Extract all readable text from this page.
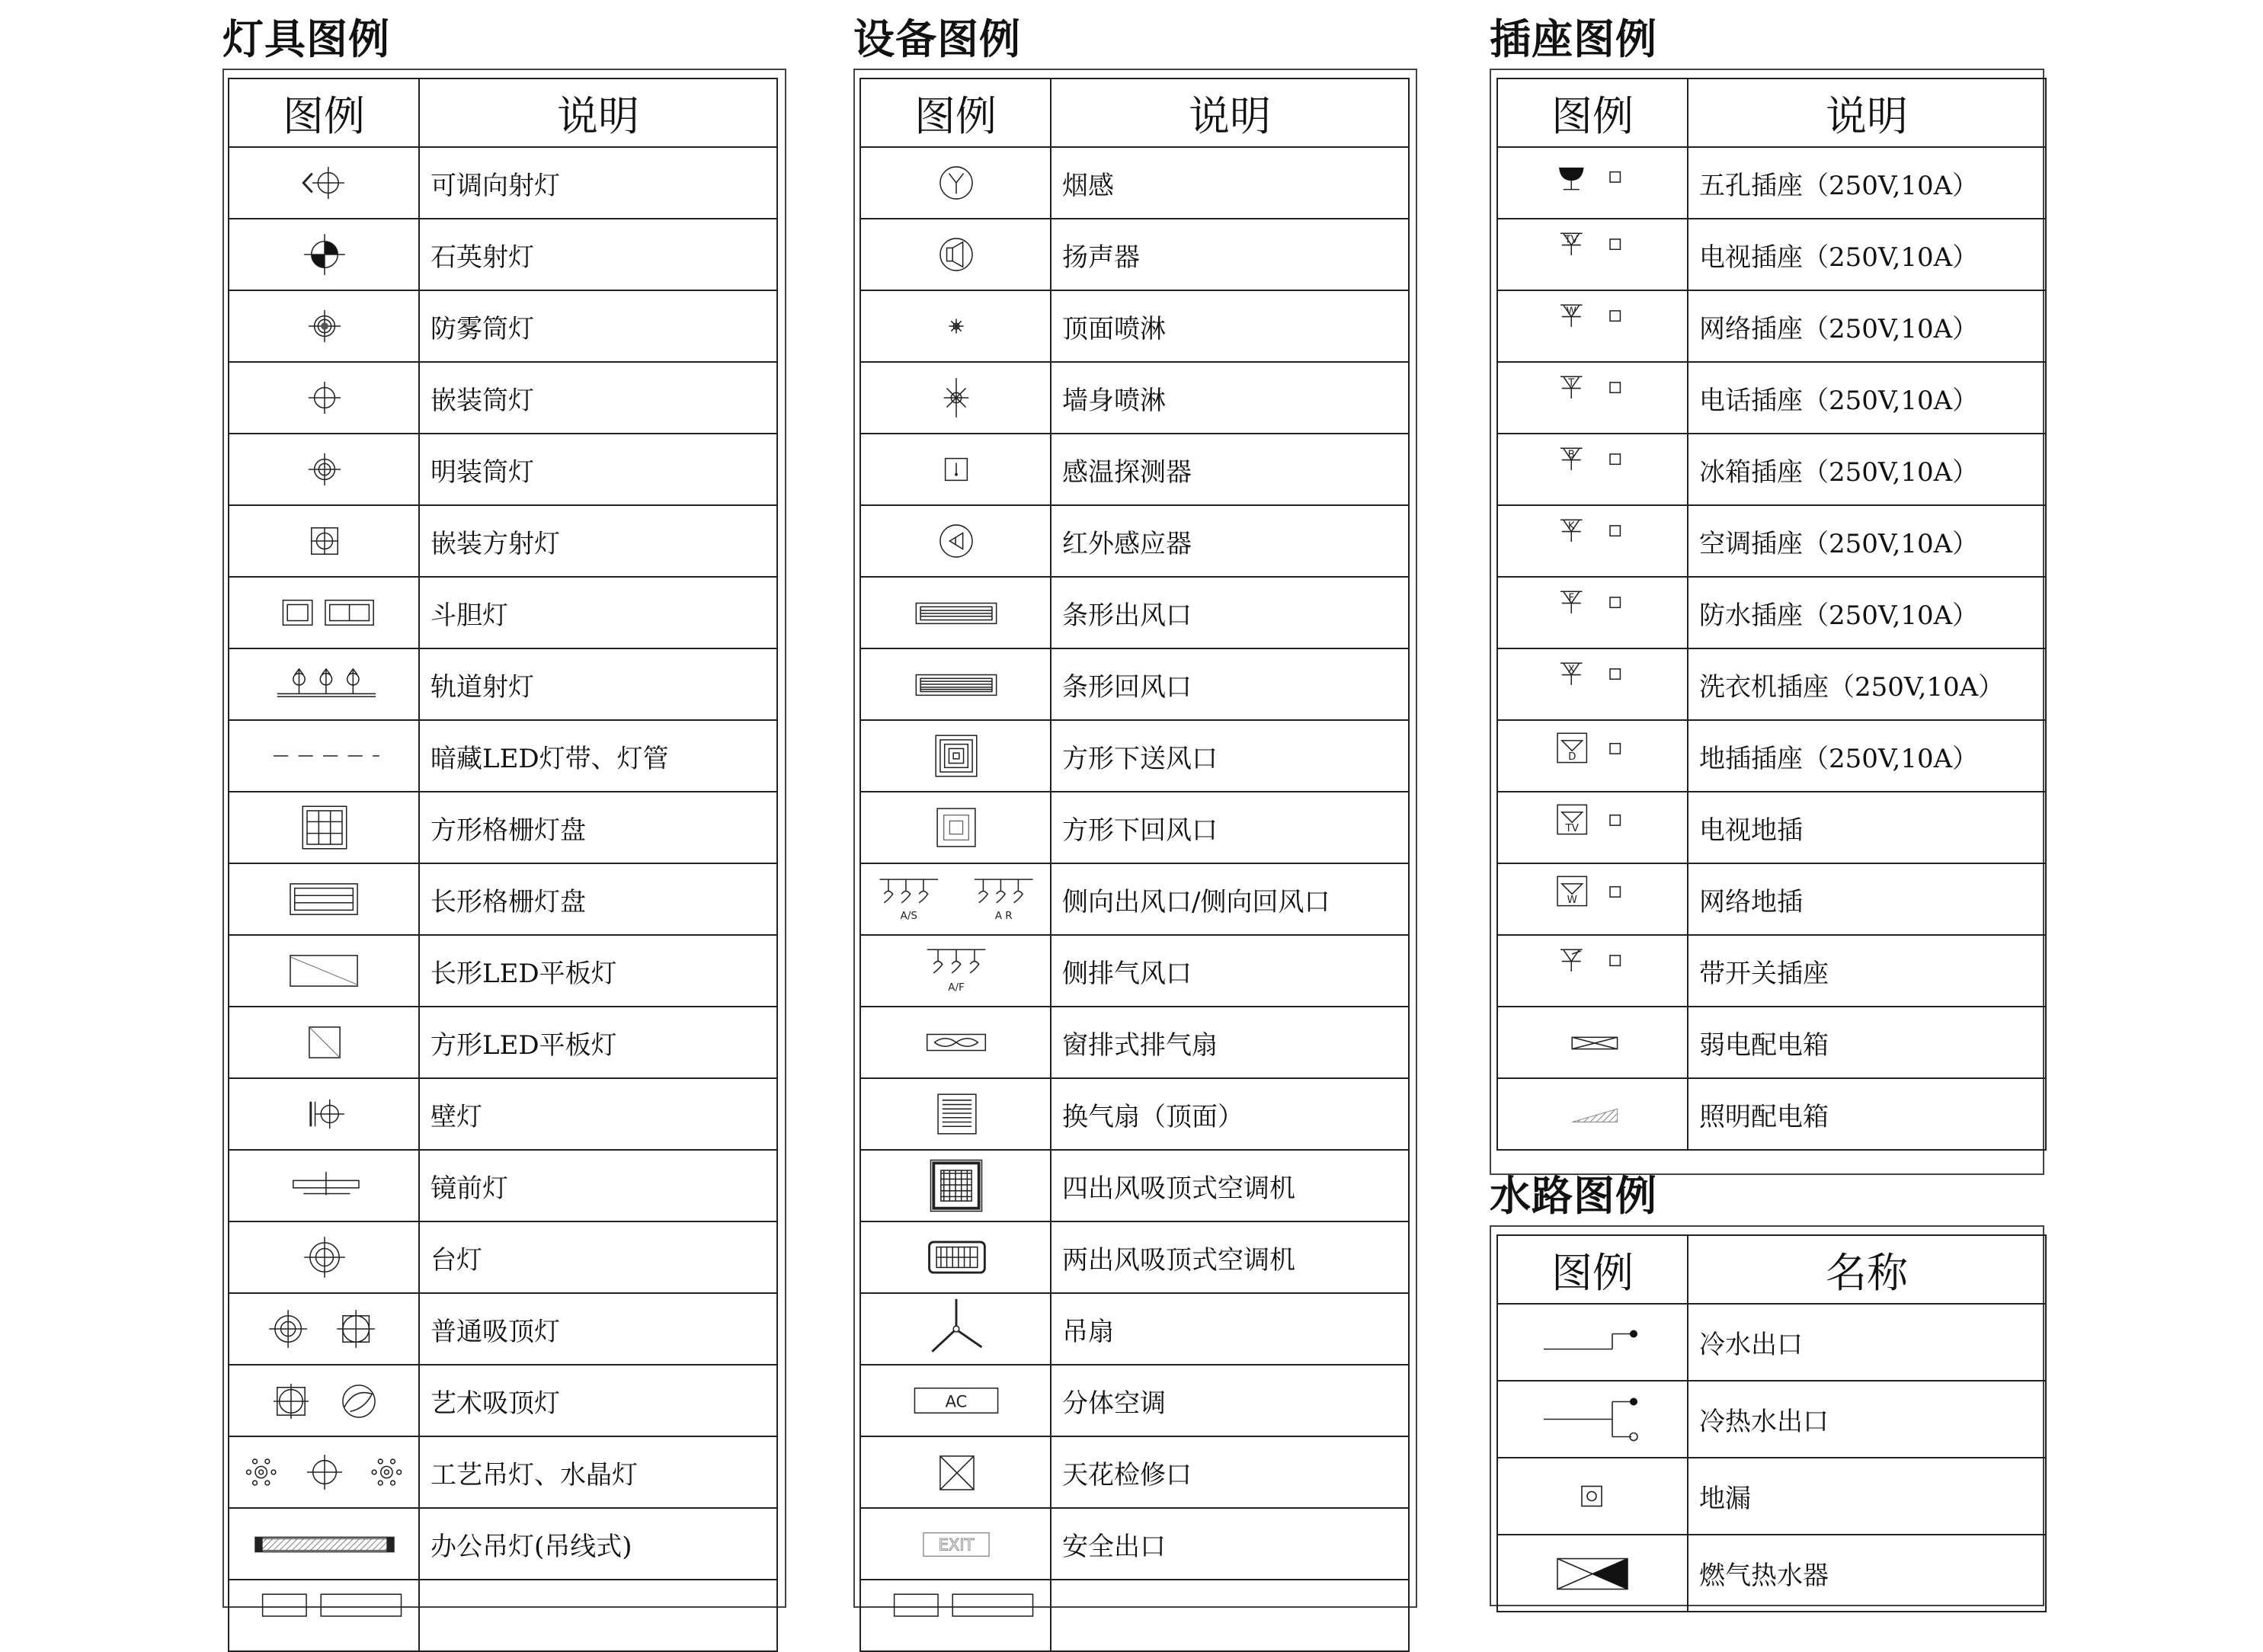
灯具图例
图例	说明

	可调向射灯

	石英射灯

	防雾筒灯

	嵌装筒灯

	明装筒灯

	嵌装方射灯

	斗胆灯

	轨道射灯

	暗藏LED灯带、灯管

	方形格栅灯盘

	长形格栅灯盘

	长形LED平板灯

	方形LED平板灯

	壁灯

	镜前灯

	台灯

	普通吸顶灯

	艺术吸顶灯

	工艺吊灯、水晶灯

	办公吊灯(吊线式)

设备图例
图例	说明

	烟感

	扬声器

	顶面喷淋

	墙身喷淋

	感温探测器

	红外感应器

	条形出风口

	条形回风口

	方形下送风口

	方形下回风口

A/S A R	侧向出风口/侧向回风口

A/F	侧排气风口

	窗排式排气扇

	换气扇（顶面）

	四出风吸顶式空调机

	两出风吸顶式空调机

	吊扇

AC	分体空调

	天花检修口

EXIT	安全出口

插座图例
图例	说明

	五孔插座（250V,10A）

TV	电视插座（250V,10A）

W	网络插座（250V,10A）

T	电话插座（250V,10A）

B	冰箱插座（250V,10A）

K	空调插座（250V,10A）

F	防水插座（250V,10A）

X	洗衣机插座（250V,10A）

D	地插插座（250V,10A）

TV	电视地插

W	网络地插

	带开关插座

	弱电配电箱

	照明配电箱
水路图例
图例	名称

	冷水出口

	冷热水出口

	地漏

	燃气热水器
